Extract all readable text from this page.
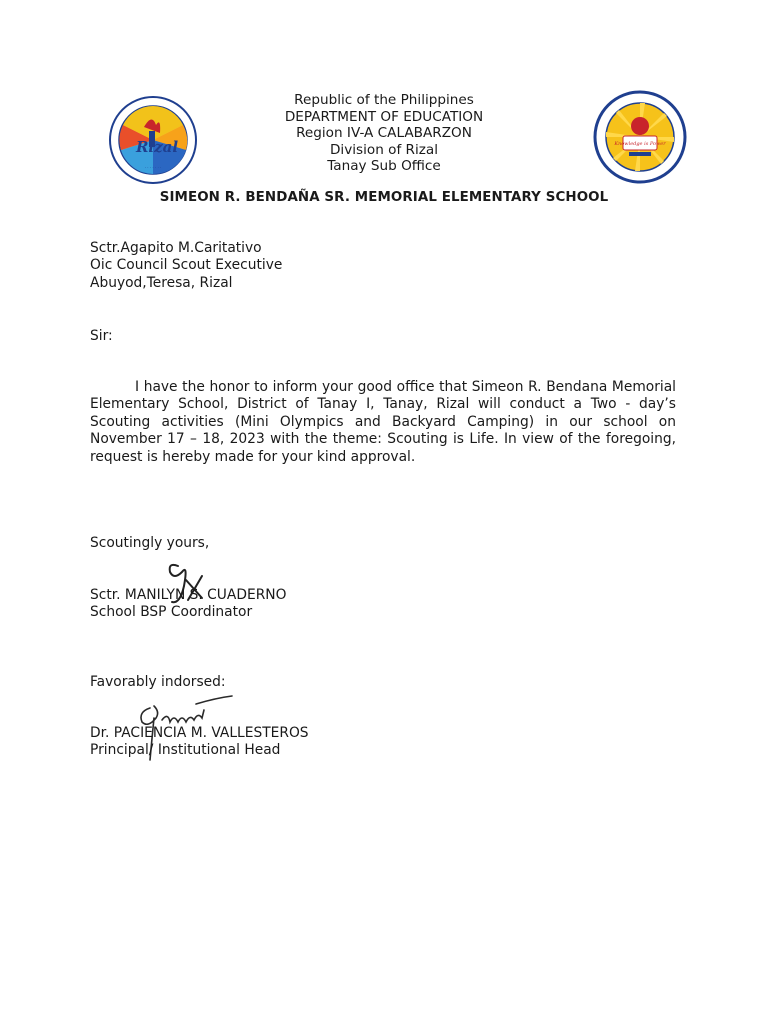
Rizal
· · · · · · ·
Knowledge is Power
Republic of the Philippines
DEPARTMENT OF EDUCATION
Region IV-A CALABARZON
Division of Rizal
Tanay Sub Office
SIMEON R. BENDAÑA SR. MEMORIAL ELEMENTARY SCHOOL
Sctr.Agapito M.Caritativo
Oic Council Scout Executive
Abuyod,Teresa, Rizal
Sir:
I have the honor to inform your good office that Simeon R. Bendana Memorial Elementary School, District of Tanay I, Tanay, Rizal will conduct a Two - day’s Scouting activities (Mini Olympics and Backyard Camping) in our school on November 17 – 18, 2023 with the theme: Scouting is Life. In view of the foregoing, request is hereby made for your kind approval.
Scoutingly yours,
Sctr. MANILYN S. CUADERNO
School BSP Coordinator
Favorably indorsed:
Dr. PACIENCIA M. VALLESTEROS
Principal/ Institutional Head
